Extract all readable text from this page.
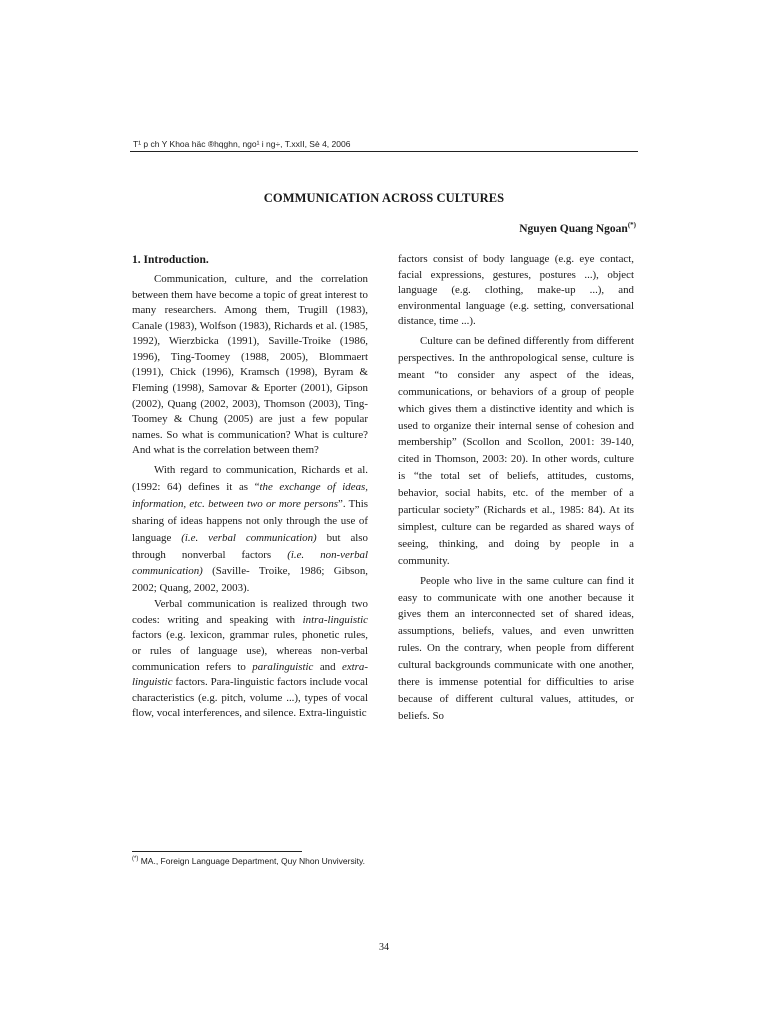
T¹ p ch Y Khoa häc ®hqghn, ngo¹ i ng÷, T.xxII, Sè 4, 2006
COMMUNICATION ACROSS CULTURES
Nguyen Quang Ngoan(*)

1. Introduction.

Communication, culture, and the correlation between them have become a topic of great interest to many researchers. Among them, Trugill (1983), Canale (1983), Wolfson (1983), Richards et al. (1985, 1992), Wierzbicka (1991), Saville-Troike (1986, 1996), Ting-Toomey (1988, 2005), Blommaert (1991), Chick (1996), Kramsch (1998), Byram & Fleming (1998), Samovar & Eporter (2001), Gipson (2002), Quang (2002, 2003), Thomson (2003), Ting-Toomey & Chung (2005) are just a few popular names. So what is communication? What is culture? And what is the correlation between them?

With regard to communication, Richards et al. (1992: 64) defines it as “the exchange of ideas, information, etc. between two or more persons”. This sharing of ideas happens not only through the use of language (i.e. verbal communication) but also through nonverbal factors (i.e. non-verbal communication) (Saville- Troike, 1986; Gibson, 2002; Quang, 2002, 2003).

Verbal communication is realized through two codes: writing and speaking with intra-linguistic factors (e.g. lexicon, grammar rules, phonetic rules, or rules of language use), whereas non-verbal communication refers to paralinguistic and extra-linguistic factors. Para-linguistic factors include vocal characteristics (e.g. pitch, volume ...), types of vocal flow, vocal interferences, and silence. Extra-linguistic

factors consist of body language (e.g. eye contact, facial expressions, gestures, postures ...), object language (e.g. clothing, make-up ...), and environmental language (e.g. setting, conversational distance, time ...).

Culture can be defined differently from different perspectives. In the anthropological sense, culture is meant “to consider any aspect of the ideas, communications, or behaviors of a group of people which gives them a distinctive identity and which is used to organize their internal sense of cohesion and membership” (Scollon and Scollon, 2001: 39-140, cited in Thomson, 2003: 20). In other words, culture is “the total set of beliefs, attitudes, customs, behavior, social habits, etc. of the member of a particular society” (Richards et al., 1985: 84). At its simplest, culture can be regarded as shared ways of seeing, thinking, and doing by people in a community.

People who live in the same culture can find it easy to communicate with one another because it gives them an interconnected set of shared ideas, assumptions, beliefs, values, and even unwritten rules. On the contrary, when people from different cultural backgrounds communicate with one another, there is immense potential for difficulties to arise because of different cultural values, attitudes, or beliefs. So

(*) MA., Foreign Language Department, Quy Nhon Unviversity.
34
